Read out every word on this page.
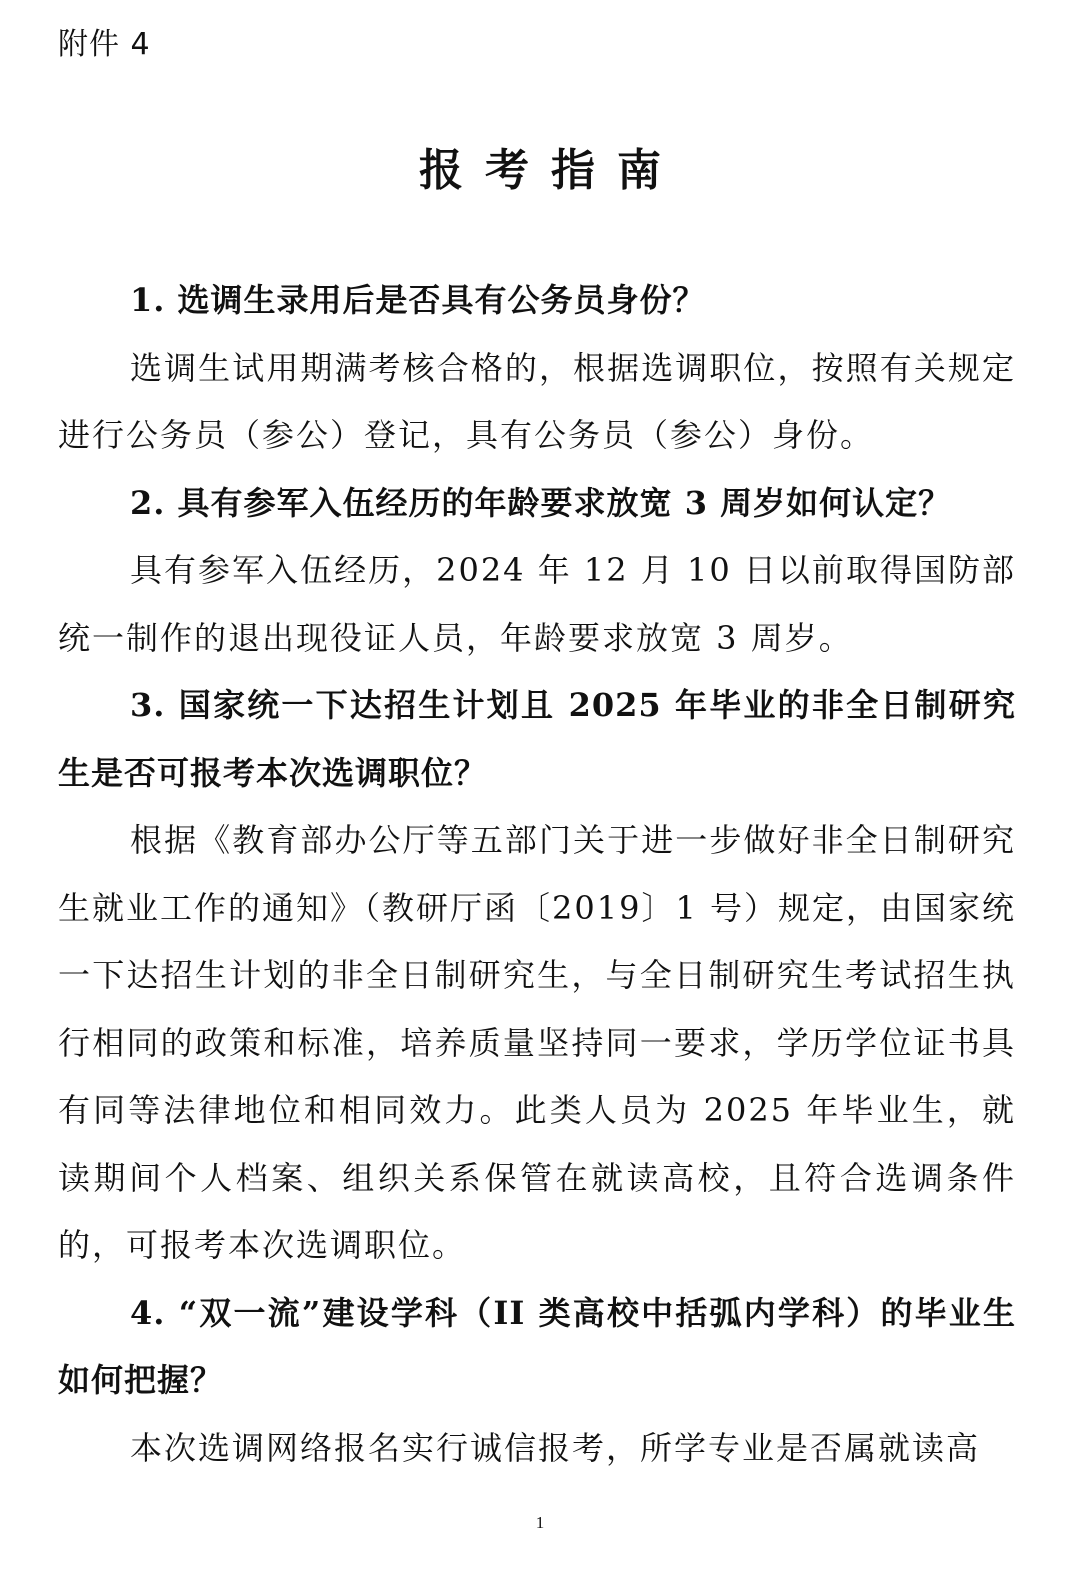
附件 4
报考指南

1. 选调生录用后是否具有公务员身份？

选调生试用期满考核合格的，根据选调职位，按照有关规定进行公务员（参公）登记，具有公务员（参公）身份。

2. 具有参军入伍经历的年龄要求放宽 3 周岁如何认定？

具有参军入伍经历，2024 年 12 月 10 日以前取得国防部统一制作的退出现役证人员，年龄要求放宽 3 周岁。

3. 国家统一下达招生计划且 2025 年毕业的非全日制研究生是否可报考本次选调职位？

根据《教育部办公厅等五部门关于进一步做好非全日制研究生就业工作的通知》（教研厅函〔2019〕1 号）规定，由国家统一下达招生计划的非全日制研究生，与全日制研究生考试招生执行相同的政策和标准，培养质量坚持同一要求，学历学位证书具有同等法律地位和相同效力。此类人员为 2025 年毕业生，就读期间个人档案、组织关系保管在就读高校，且符合选调条件的，可报考本次选调职位。

4. “双一流”建设学科（II 类高校中括弧内学科）的毕业生如何把握？

本次选调网络报名实行诚信报考，所学专业是否属就读高

1
